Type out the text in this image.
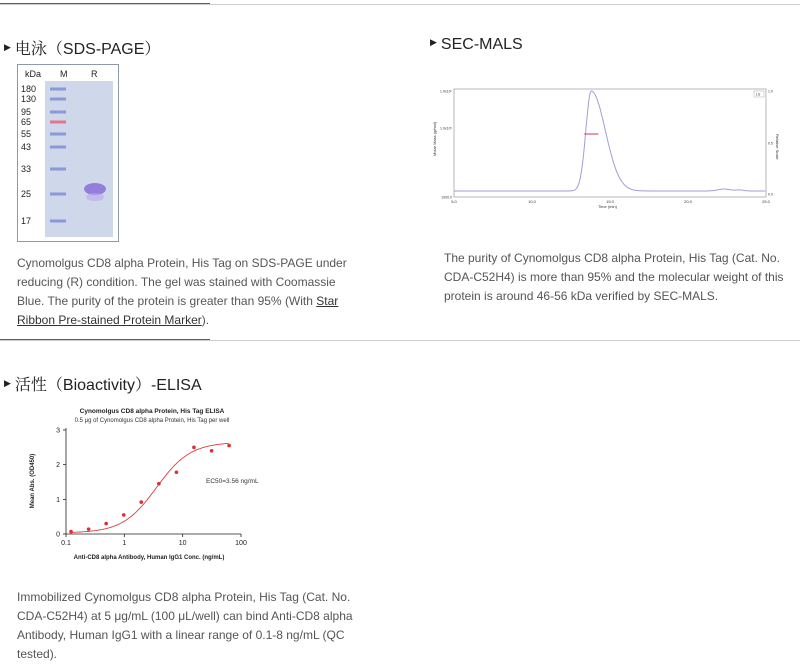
▶ 电泳（SDS-PAGE）
kDa M	R
180
130
95
65
55
43
33
25
17
Cynomolgus CD8 alpha Protein, His Tag on SDS-PAGE under reducing (R) condition. The gel was stained with Coomassie Blue. The purity of the protein is greater than 95% (With Star Ribbon Pre-stained Protein Marker).
▶ SEC-MALS
Molar Mass (g/mol)	Relative Scale
Time (min)
LS
5.0	10.0	15.0	20.0	25.0
1.0x10⁶
1.0x10⁵
1000.0
1.0
0.5
0.0
The purity of Cynomolgus CD8 alpha Protein, His Tag (Cat. No. CDA-C52H4) is more than 95% and the molecular weight of this protein is around 46-56 kDa verified by SEC-MALS.
▶ 活性（Bioactivity）-ELISA
Cynomolgus CD8 alpha Protein, His Tag ELISA
0.5 μg of Cynomolgus CD8 alpha Protein, His Tag per well
Mean Abs. (OD450)
Anti-CD8 alpha Antibody, Human IgG1 Conc. (ng/mL)
EC50=3.56 ng/mL
0.1	1	10	100
0
1
2
3
Immobilized Cynomolgus CD8 alpha Protein, His Tag (Cat. No. CDA-C52H4) at 5 μg/mL (100 μL/well) can bind Anti-CD8 alpha Antibody, Human IgG1 with a linear range of 0.1-8 ng/mL (QC tested).
